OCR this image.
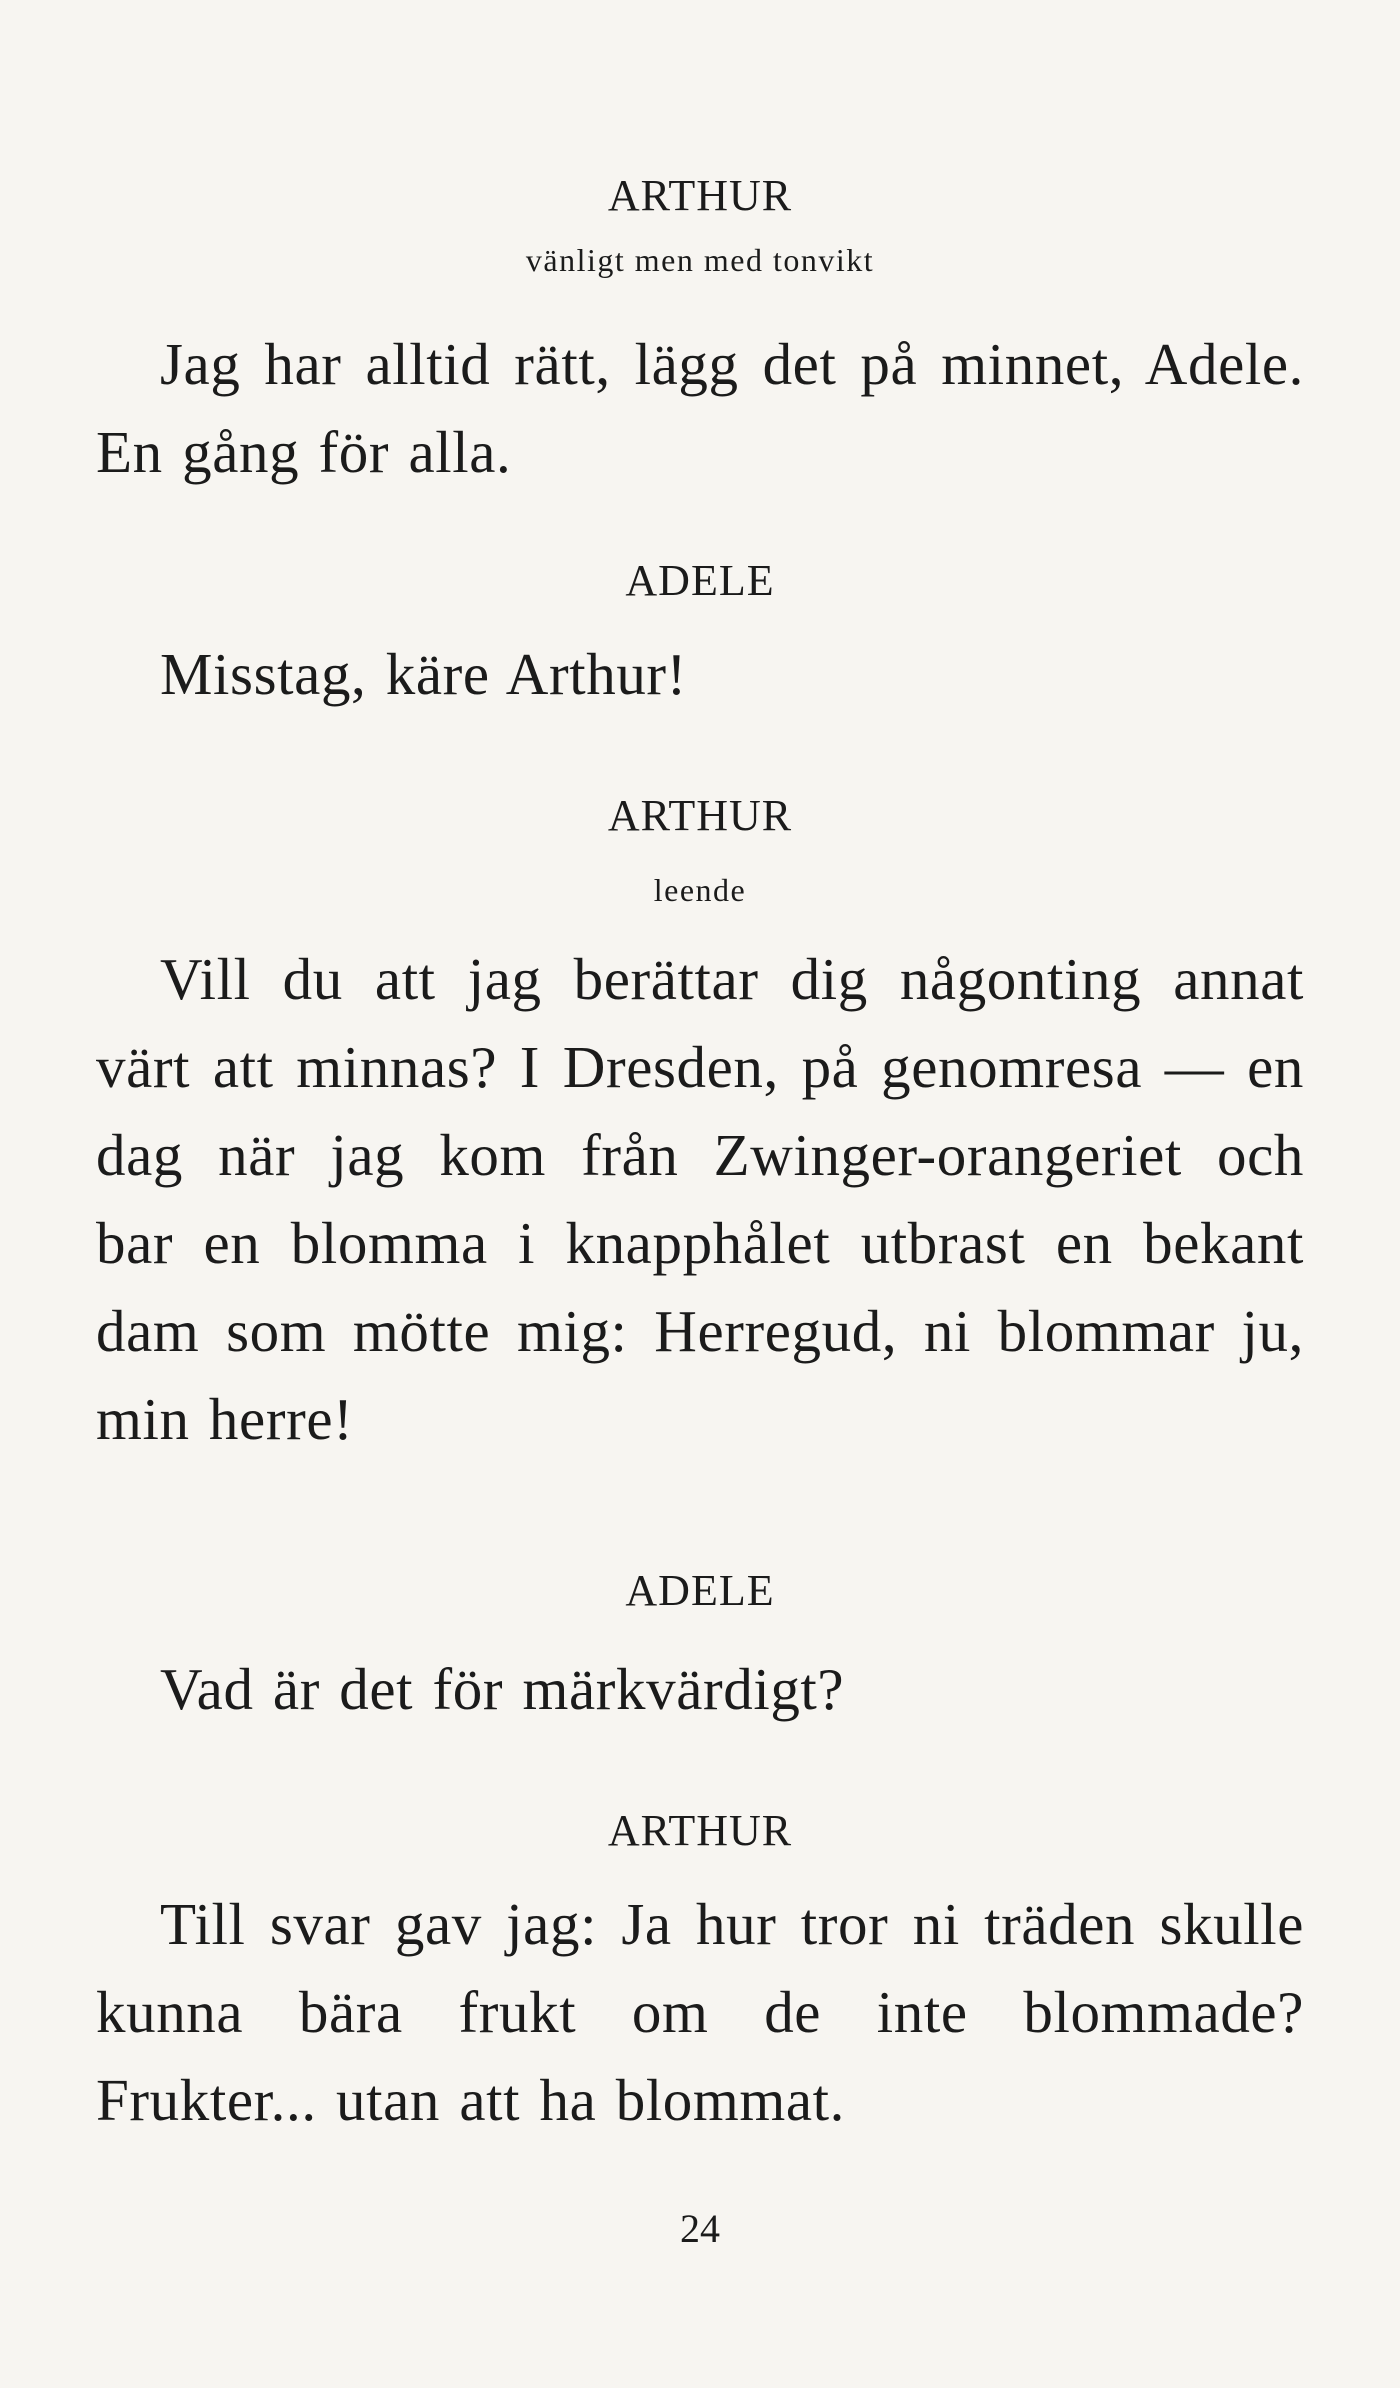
ARTHUR
vänligt men med tonvikt
Jag har alltid rätt, lägg det på minnet, Adele. En gång för alla.
ADELE
Misstag, käre Arthur!
ARTHUR
leende
Vill du att jag berättar dig någonting annat värt att minnas? I Dresden, på genomresa — en dag när jag kom från Zwinger-orangeriet och bar en blomma i knapphålet utbrast en bekant dam som mötte mig: Herregud, ni blommar ju, min herre!
ADELE
Vad är det för märkvärdigt?
ARTHUR
Till svar gav jag: Ja hur tror ni träden skulle kunna bära frukt om de inte blommade? Frukter... utan att ha blommat.
24
